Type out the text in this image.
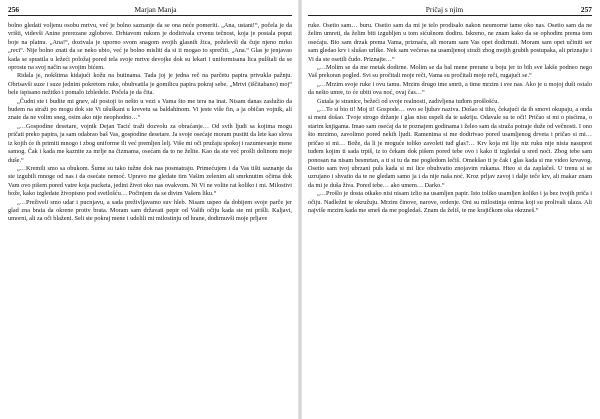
256	Marjan Manja

bolno gledati voljenu osobu mrtvu, već je bolno saznanje da se ona neće pomeriti. „Ana, ustani!“, počela je da vrišti, videvši Anine prerezane zglobove. Drhtavom rukom je dodirivala crvenu tečnost, koja je postala poput boje na platnu. „Ana!“, dozivala je uporno svom snagom svojih glasnih žica, poželevši da čuje njeno mrko „reci“. Nije bolno znati da se neko ubio, već je bolno misliti da si ti mogao to sprečiti. „Ana.“ Glas je jenjavao kada se spustila u ležeći položaj pored tela svoje mrtve devojke dok su lekari i uniformisana lica pulštali da se oproste na svoj način sa svojim bićem.

Ridala je, nokštima kidajući kožu na butinama. Tada joj je jedna reč na parčetu papira privukla pažnju. Obrisavši suze i suze jednim pokretom ruke, obuhvatila je gomilicu papira pokraj sebe. „Mrtvi (iščitabano) moj“ bele ispisano nežitko i pomalo izbledelo. Počela je da čita.

„Čudni ste i budite mi gnev, ali postoji to nešto u vezi s Vama što me tera na inat. Nisam danas zaslužio da budem na straži po mogu dok ste Vi ušuškani u krevetu sa baldahinom. Vi jeste više fin, a ja običan vojnik, ali znate da ne volim sneg, osim ako nije neophodno…“

„…Gospodine desetare, vojnik Dejan Tacić traži dozvolu za obraćanje… Od svih ljudi sa kojima mogu pričati preko papira, ja sam odabrao baš Vas, gospodine desetare. Ja svoje osećaje moram pustiti da lete kao slova iz kojih će ih primiti mnogo i zbog uniforme ili već premljen lelj. Više mi oči pružaju spokoj i razumevanje mene samog. Čak i kada me kaznite za mrlje na čizmama, osećam da to ne želite. Kao da ste već prošli dolinom moje duše.“

„…Kremili smo sa obukom. Šume su tako tužne dok nas posmatraju. Primećujem i da Vas tišti saznanje da ste izgubili mnoge od nas i da osećate nemoć. Upravo me gledate tim Vašim zelenim ali smrknutim očima dok Vam ovo pišem pored vatre koja pucketa, jedini život oko nas ovakvom. Ni Vi ne volite rat koliko i mi. Milostivi bože, kako izgledate živopisno pod svetlošću… Počinjem da se divim Vašem liku.“

„…Preživeli smo udar i pucnjavu, a sada preživljavamo suv hleb. Nisam uspeo da dobijem svoje parče jer glad zna brata da okrene protiv brata. Moram sam državati pepir od Vaših očiju kada ste mi prišli. Kaljavi, umorni, ali za oči blaženi. Seli ste pokraj mene i udelili mi milostinju od hrane, dodirnuvši moje prljave

Pričaj s njim	257

ruke. Osetio sam… buru. Osetio sam da mi je telo prodisalo nakon neumorne tame oko nas. Osetio sam da ne želim umreti, da želim biti izgubljen u tom sićušnom dodiru. Iskreno, ne znam kako da se ophodim prema tom osećaju. Bio sam drzak prema Vama, priznaću, ali moram sam Vas opet dodirnuti. Moram sam opet učiniti ser sam gledao krv i slušao urlike. Nek sam večeras na usamljenoj straži zbog mojih grubih postupaka, ali priznajte i Vi da ste osetili čudo. Priznajte…“

„…Molim se da me metak dodirne. Molim se da bal mene prerane u boju jer to bih sve lakše podneo nego Vaš prekoran pogled. Svi su pročitali moje reči, Vama su pročitali moje reči, rugajući se.“

„…Mrzim svoje ruke i ovu tamu. Mrzim drugo ime smrti, a time mrzim i sve nas. Ako je u mojoj duši ostalo da nešto umre, to će ubiti ova noć, ovaj čas…“

Gutala je stranice, bežeći od svoje realnosti, zadivljena tuđom prošlošću.

„…To si bio ti! Moj ti! Gospode… ovo se ljubav naziva. Došao si tiho, čekajući da ih smovi okupaju, a onda si meni došao. Tvoje strogo držanje i glas nisu uspeli da te sakriju. Odavale su te oči! Pričao si mi o pisćima, o starim knjigama. Imao sam osećaj da te poznajem godinama i želeo sam da straža potraje duže od večnosti. I ono što mrzimo, zavolimo pored nekih ljudi. Ramenima si me dodirivao pored usamljenog drveta i pričao si mi… pričao si mi… Bože, da li je moguće toliko zavoleti tuđ glas?… Krv koja mi lije niz ruku nije nista nasuprot tuđem kojim ti sada trpiš, iz to čekam dok pišem pored tebe ovo i kako ti izgledaš u sred noći. Zbog tebe sam ponosan na nisam besmrtan, a ti si tu da me pogledom lečiš. Omekšao ti je čak i glas kada si me video krvavog. Osetio sam tvoj ubrzani puls kada si mi lice obuhvatio znojavim rukama. Hteo si da zaplačeš. U trenu si se uzrujano i shvatio da te ne gledam samo ja i da nije naša noć. Kroz prljav zavoj i dalje teče krv, ali makar znam da mi je duša živa. Pored tebe… ako umem… Darko.“

„…Prošlo je dosta otkako nisi nisam izlio na usamljen papir. Isto toliko usamljen koliko i ja bez tvojih priča i očiju. Nadležni te okružuju. Mrzim činove, narove, ordenje. Oni su milostinja onima koji su prolivali ulaza. Ali najviše mrzim kada me smeš da me pogledaš. Znam da želiš, te me krajičkom oka okrzneš.“
